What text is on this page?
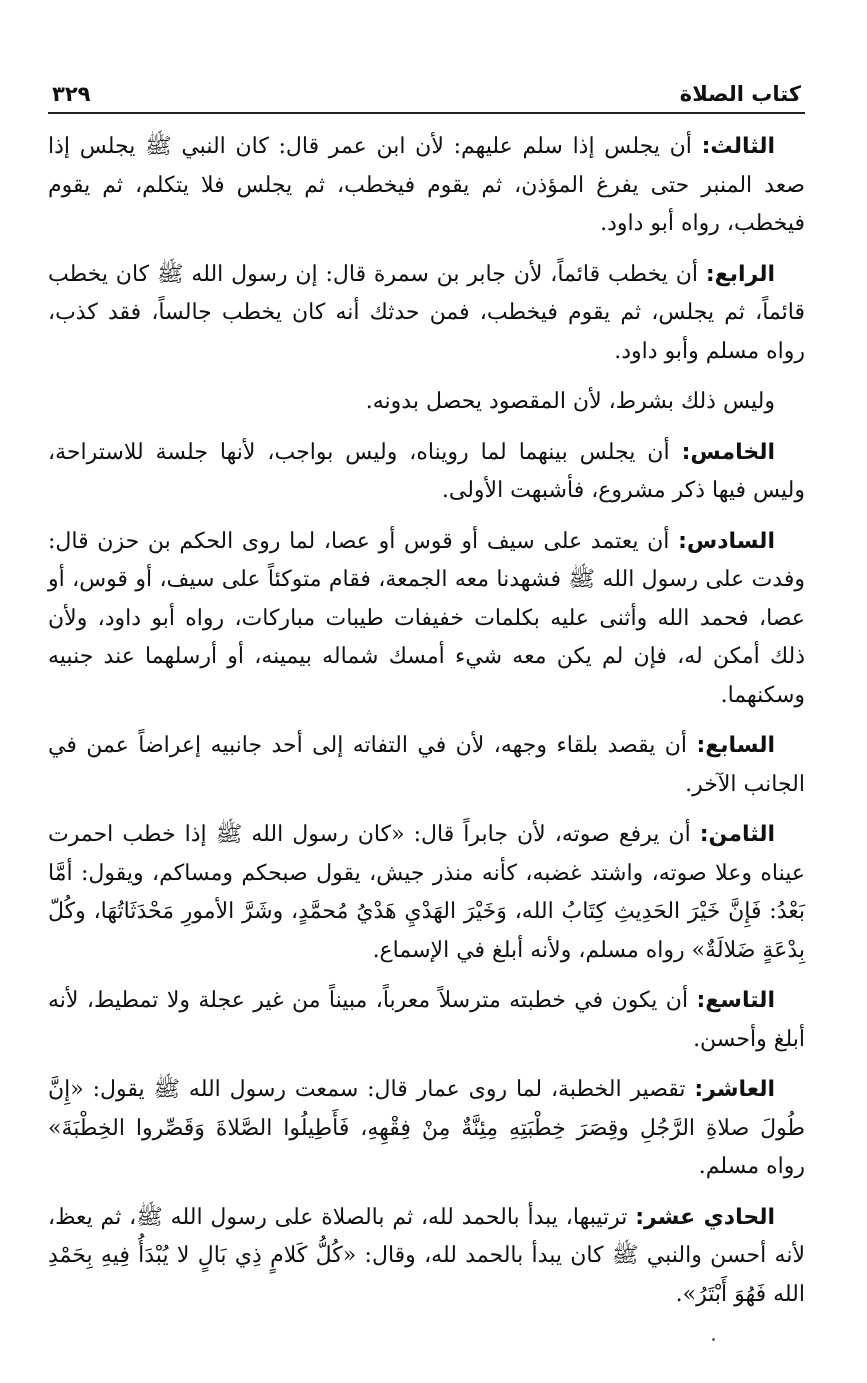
كتاب الصلاة
٣٢٩

الثالث: أن يجلس إذا سلم عليهم: لأن ابن عمر قال: كان النبي ﷺ يجلس إذا صعد المنبر حتى يفرغ المؤذن، ثم يقوم فيخطب، ثم يجلس فلا يتكلم، ثم يقوم فيخطب، رواه أبو داود.

الرابع: أن يخطب قائماً، لأن جابر بن سمرة قال: إن رسول الله ﷺ كان يخطب قائماً، ثم يجلس، ثم يقوم فيخطب، فمن حدثك أنه كان يخطب جالساً، فقد كذب، رواه مسلم وأبو داود.

وليس ذلك بشرط، لأن المقصود يحصل بدونه.

الخامس: أن يجلس بينهما لما رويناه، وليس بواجب، لأنها جلسة للاستراحة، وليس فيها ذكر مشروع، فأشبهت الأولى.

السادس: أن يعتمد على سيف أو قوس أو عصا، لما روى الحكم بن حزن قال: وفدت على رسول الله ﷺ فشهدنا معه الجمعة، فقام متوكئاً على سيف، أو قوس، أو عصا، فحمد الله وأثنى عليه بكلمات خفيفات طيبات مباركات، رواه أبو داود، ولأن ذلك أمكن له، فإن لم يكن معه شيء أمسك شماله بيمينه، أو أرسلهما عند جنبيه وسكنهما.

السابع: أن يقصد بلقاء وجهه، لأن في التفاته إلى أحد جانبيه إعراضاً عمن في الجانب الآخر.

الثامن: أن يرفع صوته، لأن جابراً قال: «كان رسول الله ﷺ إذا خطب احمرت عيناه وعلا صوته، واشتد غضبه، كأنه منذر جيش، يقول صبحكم ومساكم، ويقول: أمَّا بَعْدُ: فَإِنَّ خَيْرَ الحَدِيثِ كِتَابُ الله، وَخَيْرَ الهَدْيِ هَدْيُ مُحمَّدٍ، وشَرَّ الأمورِ مَحْدَثَاتُهَا، وكُلّ بِدْعَةٍ ضَلالَةٌ» رواه مسلم، ولأنه أبلغ في الإسماع.

التاسع: أن يكون في خطبته مترسلاً معرباً، مبيناً من غير عجلة ولا تمطيط، لأنه أبلغ وأحسن.

العاشر: تقصير الخطبة، لما روى عمار قال: سمعت رسول الله ﷺ يقول: «إِنَّ طُولَ صلاةِ الرَّجُلِ وقِصَرَ خِطْبَتِهِ مِئِنَّةٌ مِنْ فِقْهِهِ، فَأَطِيلُوا الصَّلاةَ وَقَصِّروا الخِطْبَةَ» رواه مسلم.

الحادي عشر: ترتيبها، يبدأ بالحمد لله، ثم بالصلاة على رسول الله ﷺ، ثم يعظ، لأنه أحسن والنبي ﷺ كان يبدأ بالحمد لله، وقال: «كُلُّ كَلامٍ ذِي بَالٍ لا يُبْدَأُ فِيهِ بِحَمْدِ الله فَهُوَ أَبْتَرُ».
